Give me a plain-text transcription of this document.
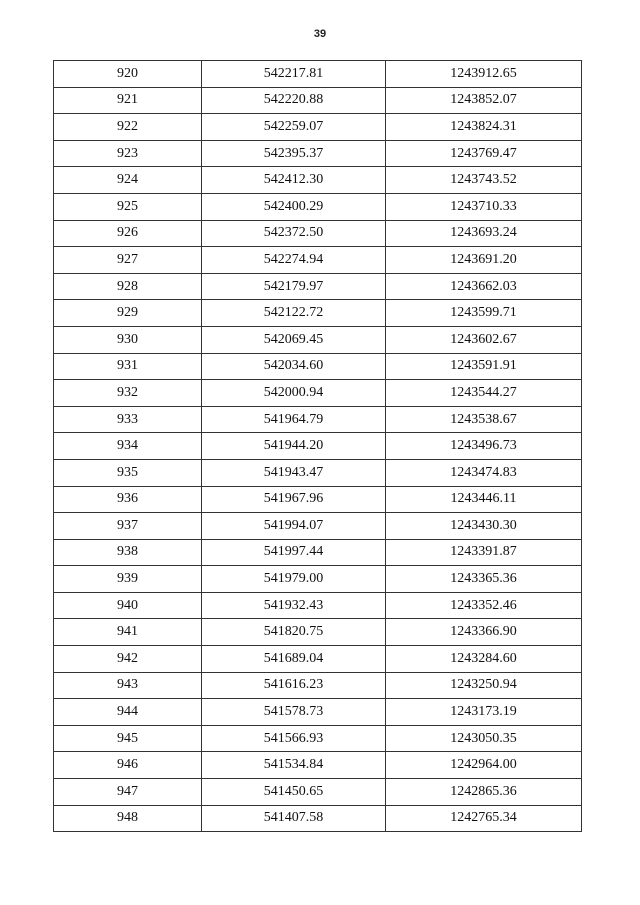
39
920	542217.81	1243912.65
921	542220.88	1243852.07
922	542259.07	1243824.31
923	542395.37	1243769.47
924	542412.30	1243743.52
925	542400.29	1243710.33
926	542372.50	1243693.24
927	542274.94	1243691.20
928	542179.97	1243662.03
929	542122.72	1243599.71
930	542069.45	1243602.67
931	542034.60	1243591.91
932	542000.94	1243544.27
933	541964.79	1243538.67
934	541944.20	1243496.73
935	541943.47	1243474.83
936	541967.96	1243446.11
937	541994.07	1243430.30
938	541997.44	1243391.87
939	541979.00	1243365.36
940	541932.43	1243352.46
941	541820.75	1243366.90
942	541689.04	1243284.60
943	541616.23	1243250.94
944	541578.73	1243173.19
945	541566.93	1243050.35
946	541534.84	1242964.00
947	541450.65	1242865.36
948	541407.58	1242765.34
